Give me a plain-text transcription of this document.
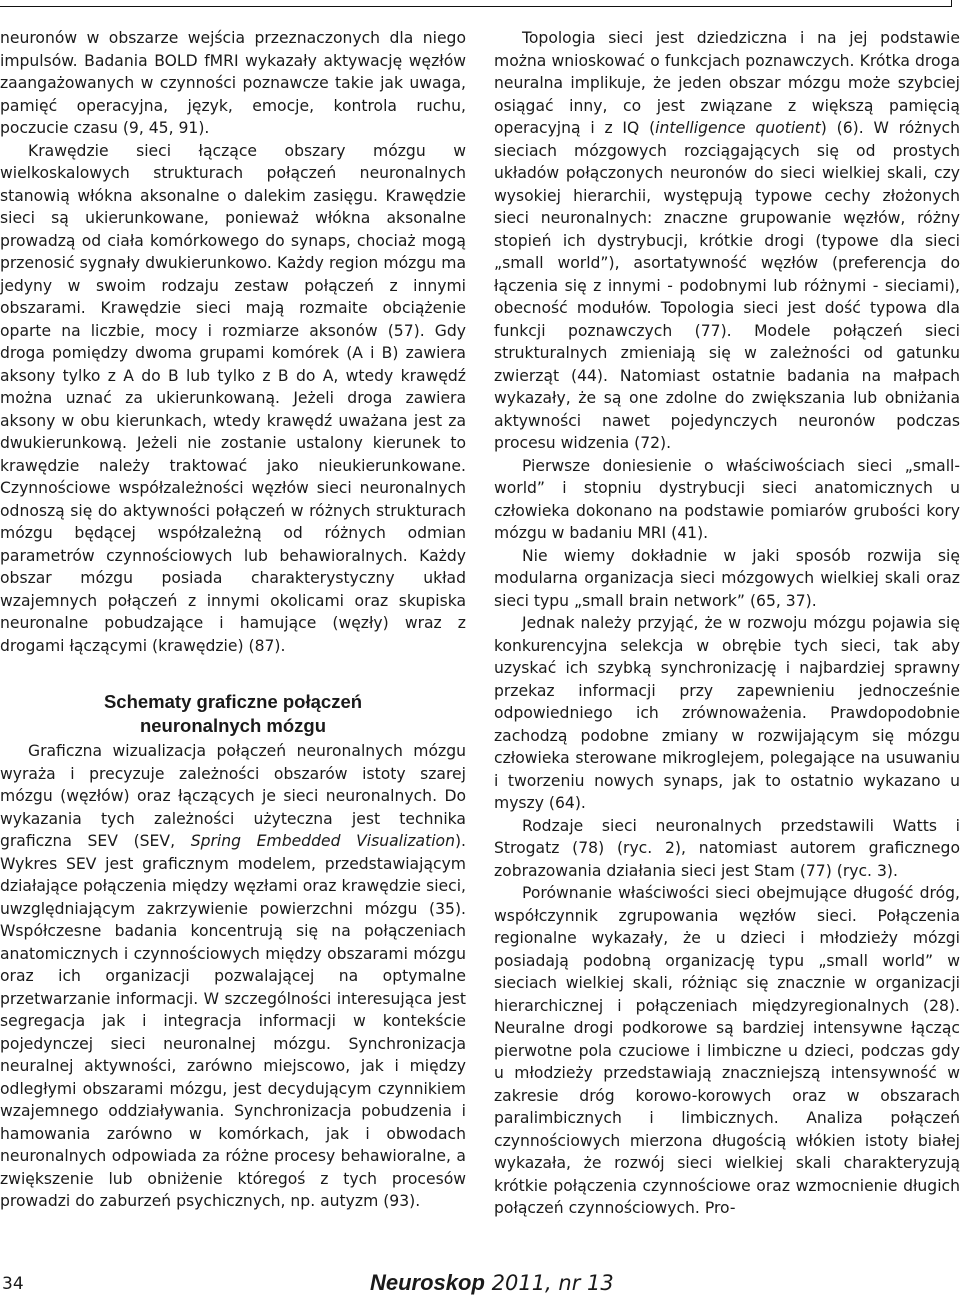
neuronów w obszarze wejścia przeznaczonych dla niego impulsów. Badania BOLD fMRI wykazały aktywację węzłów zaangażowanych w czynności poznawcze takie jak uwaga, pamięć operacyjna, język, emocje, kontrola ruchu, poczucie czasu (9, 45, 91).

Krawędzie sieci łączące obszary mózgu w wielkoskalowych strukturach połączeń neuronalnych stanowią włókna aksonalne o dalekim zasięgu. Krawędzie sieci są ukierunkowane, ponieważ włókna aksonalne prowadzą od ciała komórkowego do synaps, chociaż mogą przenosić sygnały dwukierunkowo. Każdy region mózgu ma jedyny w swoim rodzaju zestaw połączeń z innymi obszarami. Krawędzie sieci mają rozmaite obciążenie oparte na liczbie, mocy i rozmiarze aksonów (57). Gdy droga pomiędzy dwoma grupami komórek (A i B) zawiera aksony tylko z A do B lub tylko z B do A, wtedy krawędź można uznać za ukierunkowaną. Jeżeli droga zawiera aksony w obu kierunkach, wtedy krawędź uważana jest za dwukierunkową. Jeżeli nie zostanie ustalony kierunek to krawędzie należy traktować jako nieukierunkowane. Czynnościowe współzależności węzłów sieci neuronalnych odnoszą się do aktywności połączeń w różnych strukturach mózgu będącej współzależną od różnych odmian parametrów czynnościowych lub behawioralnych. Każdy obszar mózgu posiada charakterystyczny układ wzajemnych połączeń z innymi okolicami oraz skupiska neuronalne pobudzające i hamujące (węzły) wraz z drogami łączącymi (krawędzie) (87).

Schematy graficzne połączeń
neuronalnych mózgu

Graficzna wizualizacja połączeń neuronalnych mózgu wyraża i precyzuje zależności obszarów istoty szarej mózgu (węzłów) oraz łączących je sieci neuronalnych. Do wykazania tych zależności użyteczna jest technika graficzna SEV (SEV, Spring Embedded Visualization). Wykres SEV jest graficznym modelem, przedstawiającym działające połączenia między węzłami oraz krawędzie sieci, uwzględniającym zakrzywienie powierzchni mózgu (35). Współczesne badania koncentrują się na połączeniach anatomicznych i czynnościowych między obszarami mózgu oraz ich organizacji pozwalającej na optymalne przetwarzanie informacji. W szczególności interesująca jest segregacja jak i integracja informacji w kontekście pojedynczej sieci neuronalnej mózgu. Synchronizacja neuralnej aktywności, zarówno miejscowo, jak i między odległymi obszarami mózgu, jest decydującym czynnikiem wzajemnego oddziaływania. Synchronizacja pobudzenia i hamowania zarówno w komórkach, jak i obwodach neuronalnych odpowiada za różne procesy behawioralne, a zwiększenie lub obniżenie któregoś z tych procesów prowadzi do zaburzeń psychicznych, np. autyzm (93).

Topologia sieci jest dziedziczna i na jej podstawie można wnioskować o funkcjach poznawczych. Krótka droga neuralna implikuje, że jeden obszar mózgu może szybciej osiągać inny, co jest związane z większą pamięcią operacyjną i z IQ (intelligence quotient) (6). W różnych sieciach mózgowych rozciągających się od prostych układów połączonych neuronów do sieci wielkiej skali, czy wysokiej hierarchii, występują typowe cechy złożonych sieci neuronalnych: znaczne grupowanie węzłów, różny stopień ich dystrybucji, krótkie drogi (typowe dla sieci „small world”), asortatywność węzłów (preferencja do łączenia się z innymi - podobnymi lub różnymi - sieciami), obecność modułów. Topologia sieci jest dość typowa dla funkcji poznawczych (77). Modele połączeń sieci strukturalnych zmieniają się w zależności od gatunku zwierząt (44). Natomiast ostatnie badania na małpach wykazały, że są one zdolne do zwiększania lub obniżania aktywności nawet pojedynczych neuronów podczas procesu widzenia (72).

Pierwsze doniesienie o właściwościach sieci „small-world” i stopniu dystrybucji sieci anatomicznych u człowieka dokonano na podstawie pomiarów grubości kory mózgu w badaniu MRI (41).

Nie wiemy dokładnie w jaki sposób rozwija się modularna organizacja sieci mózgowych wielkiej skali oraz sieci typu „small brain network” (65, 37).

Jednak należy przyjąć, że w rozwoju mózgu pojawia się konkurencyjna selekcja w obrębie tych sieci, tak aby uzyskać ich szybką synchronizację i najbardziej sprawny przekaz informacji przy zapewnieniu jednocześnie odpowiedniego ich zrównoważenia. Prawdopodobnie zachodzą podobne zmiany w rozwijającym się mózgu człowieka sterowane mikroglejem, polegające na usuwaniu i tworzeniu nowych synaps, jak to ostatnio wykazano u myszy (64).

Rodzaje sieci neuronalnych przedstawili Watts i Strogatz (78) (ryc. 2), natomiast autorem graficznego zobrazowania działania sieci jest Stam (77) (ryc. 3).

Porównanie właściwości sieci obejmujące długość dróg, współczynnik zgrupowania węzłów sieci. Połączenia regionalne wykazały, że u dzieci i młodzieży mózgi posiadają podobną organizację typu „small world” w sieciach wielkiej skali, różniąc się znacznie w organizacji hierarchicznej i połączeniach międzyregionalnych (28). Neuralne drogi podkorowe są bardziej intensywne łącząc pierwotne pola czuciowe i limbiczne u dzieci, podczas gdy u młodzieży przedstawiają znaczniejszą intensywność w zakresie dróg korowo-korowych oraz w obszarach paralimbicznych i limbicznych. Analiza połączeń czynnościowych mierzona długością włókien istoty białej wykazała, że rozwój sieci wielkiej skali charakteryzują krótkie połączenia czynnościowe oraz wzmocnienie długich połączeń czynnościowych. Pro-

34	Neuroskop 2011, nr 13
